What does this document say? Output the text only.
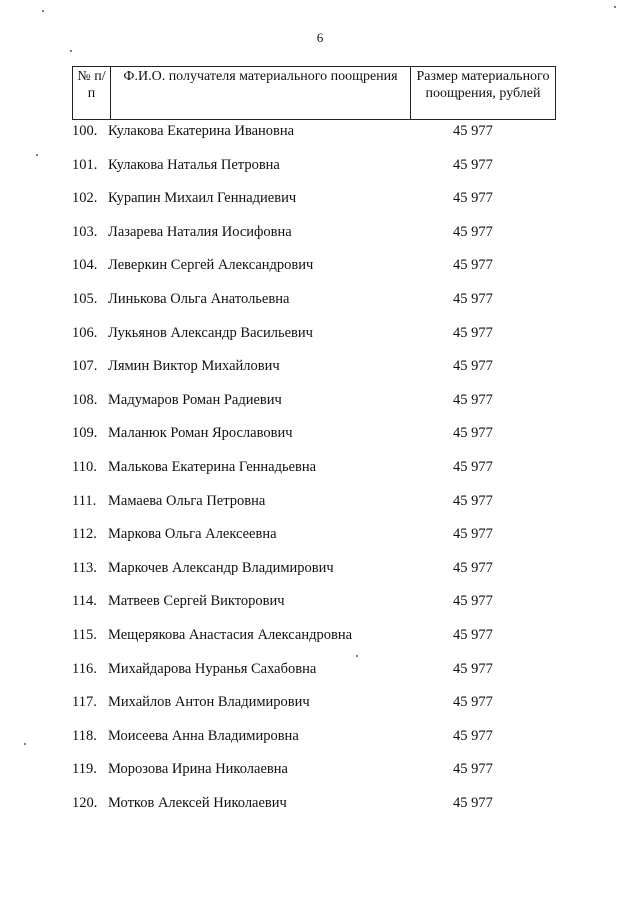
6
№ п/п	Ф.И.О. получателя материального поощрения	Размер материального поощрения, рублей
100. Кулакова Екатерина Ивановна	45 977
101. Кулакова Наталья Петровна	45 977
102. Курапин Михаил Геннадиевич	45 977
103. Лазарева Наталия Иосифовна	45 977
104. Леверкин Сергей Александрович	45 977
105. Линькова Ольга Анатольевна	45 977
106. Лукьянов Александр Васильевич	45 977
107. Лямин Виктор Михайлович	45 977
108. Мадумаров Роман Радиевич	45 977
109. Маланюк Роман Ярославович	45 977
110. Малькова Екатерина Геннадьевна	45 977
111. Мамаева Ольга Петровна	45 977
112. Маркова Ольга Алексеевна	45 977
113. Маркочев Александр Владимирович	45 977
114. Матвеев Сергей Викторович	45 977
115. Мещерякова Анастасия Александровна	45 977
116. Михайдарова Нуранья Сахабовна	45 977
117. Михайлов Антон Владимирович	45 977
118. Моисеева Анна Владимировна	45 977
119. Морозова Ирина Николаевна	45 977
120. Мотков Алексей Николаевич	45 977
